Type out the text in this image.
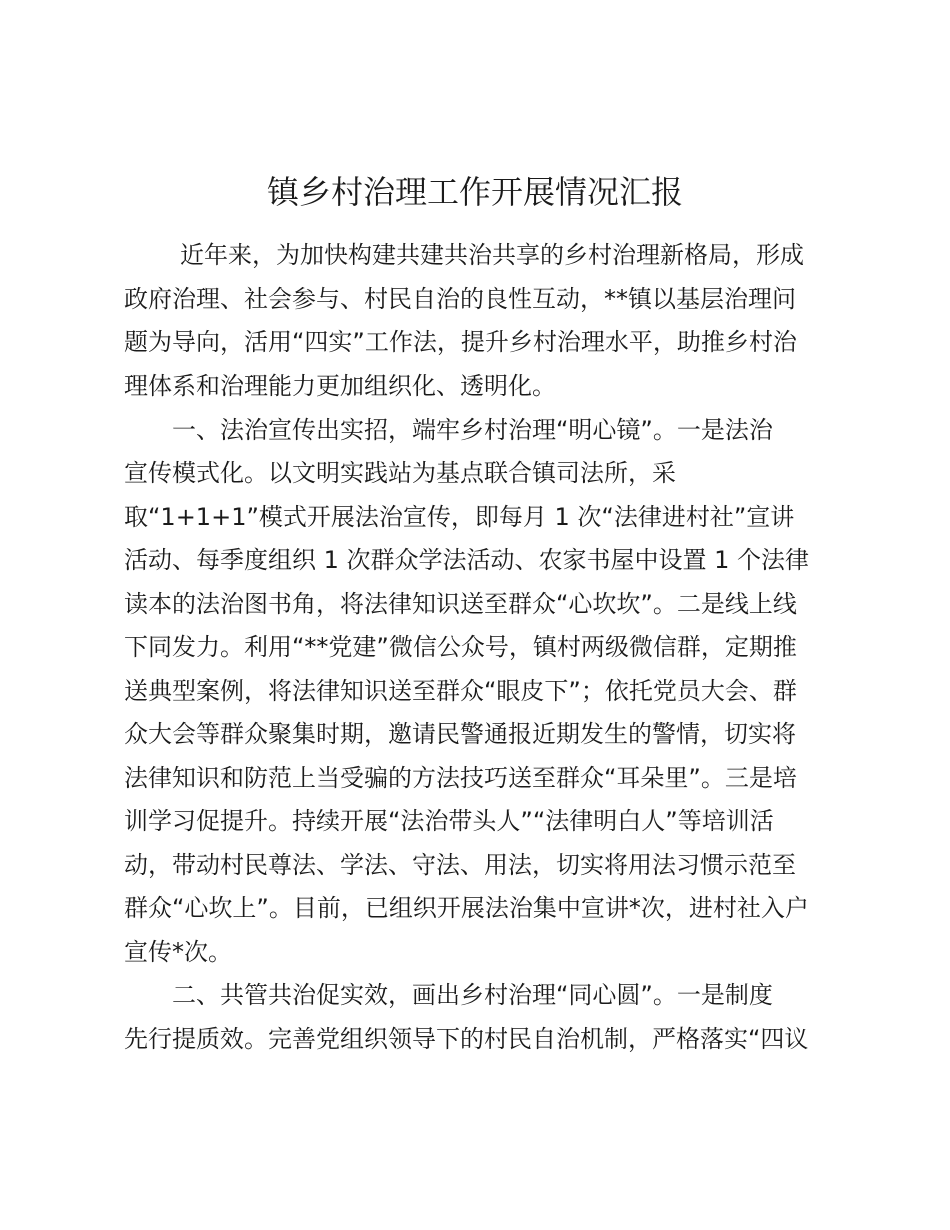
镇乡村治理工作开展情况汇报

近年来，为加快构建共建共治共享的乡村治理新格局，形成

政府治理、社会参与、村民自治的良性互动，**镇以基层治理问

题为导向，活用“四实”工作法，提升乡村治理水平，助推乡村治

理体系和治理能力更加组织化、透明化。

一、法治宣传出实招，端牢乡村治理“明心镜”。一是法治

宣传模式化。以文明实践站为基点联合镇司法所，采

取“1+1+1”模式开展法治宣传，即每月 1 次“法律进村社”宣讲

活动、每季度组织 1 次群众学法活动、农家书屋中设置 1 个法律

读本的法治图书角，将法律知识送至群众“心坎坎”。二是线上线

下同发力。利用“**党建”微信公众号，镇村两级微信群，定期推

送典型案例，将法律知识送至群众“眼皮下”；依托党员大会、群

众大会等群众聚集时期，邀请民警通报近期发生的警情，切实将

法律知识和防范上当受骗的方法技巧送至群众“耳朵里”。三是培

训学习促提升。持续开展“法治带头人”“法律明白人”等培训活

动，带动村民尊法、学法、守法、用法，切实将用法习惯示范至

群众“心坎上”。目前，已组织开展法治集中宣讲*次，进村社入户

宣传*次。

二、共管共治促实效，画出乡村治理“同心圆”。一是制度

先行提质效。完善党组织领导下的村民自治机制，严格落实“四议
